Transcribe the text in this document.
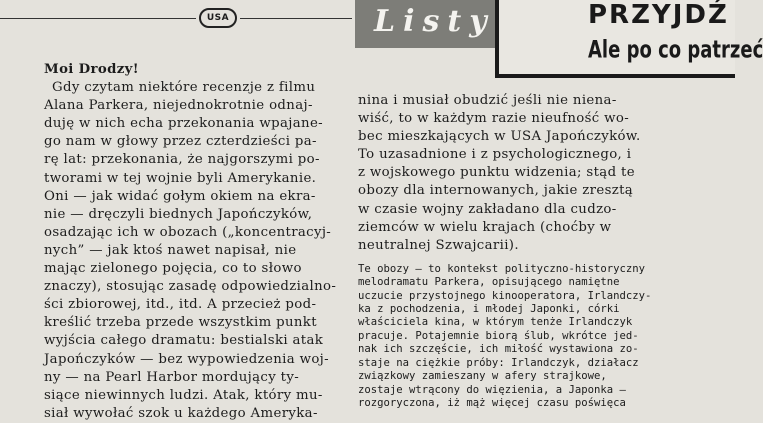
USA	Listy	PRZYJDŹ
Ale po co patrzeć
Moi Drodzy!
Gdy czytam niektóre recenzje z filmu
Alana Parkera, niejednokrotnie odnaj-
duję w nich echa przekonania wpajane-
go nam w głowy przez czterdzieści pa-
rę lat: przekonania, że najgorszymi po-
tworami w tej wojnie byli Amerykanie.
Oni — jak widać gołym okiem na ekra-
nie — dręczyli biednych Japończyków,
osadzając ich w obozach („koncentracyj-
nych” — jak ktoś nawet napisał, nie
mając zielonego pojęcia, co to słowo
znaczy), stosując zasadę odpowiedzialno-
ści zbiorowej, itd., itd. A przecież pod-
kreślić trzeba przede wszystkim punkt
wyjścia całego dramatu: bestialski atak
Japończyków — bez wypowiedzenia woj-
ny — na Pearl Harbor mordujący ty-
siące niewinnych ludzi. Atak, który mu-
siał wywołać szok u każdego Ameryka-
nina i musiał obudzić jeśli nie niena-
wiść, to w każdym razie nieufność wo-
bec mieszkających w USA Japończyków.
To uzasadnione i z psychologicznego, i
z wojskowego punktu widzenia; stąd te
obozy dla internowanych, jakie zresztą
w czasie wojny zakładano dla cudzo-
ziemców w wielu krajach (choćby w
neutralnej Szwajcarii).
Te obozy — to kontekst polityczno-historyczny
melodramatu Parkera, opisującego namiętne
uczucie przystojnego kinooperatora, Irlandczy-
ka z pochodzenia, i młodej Japonki, córki
właściciela kina, w którym tenże Irlandczyk
pracuje. Potajemnie biorą ślub, wkrótce jed-
nak ich szczęście, ich miłość wystawiona zo-
staje na ciężkie próby: Irlandczyk, działacz
związkowy zamieszany w afery strajkowe,
zostaje wtrącony do więzienia, a Japonka —
rozgoryczona, iż mąż więcej czasu poświęca
